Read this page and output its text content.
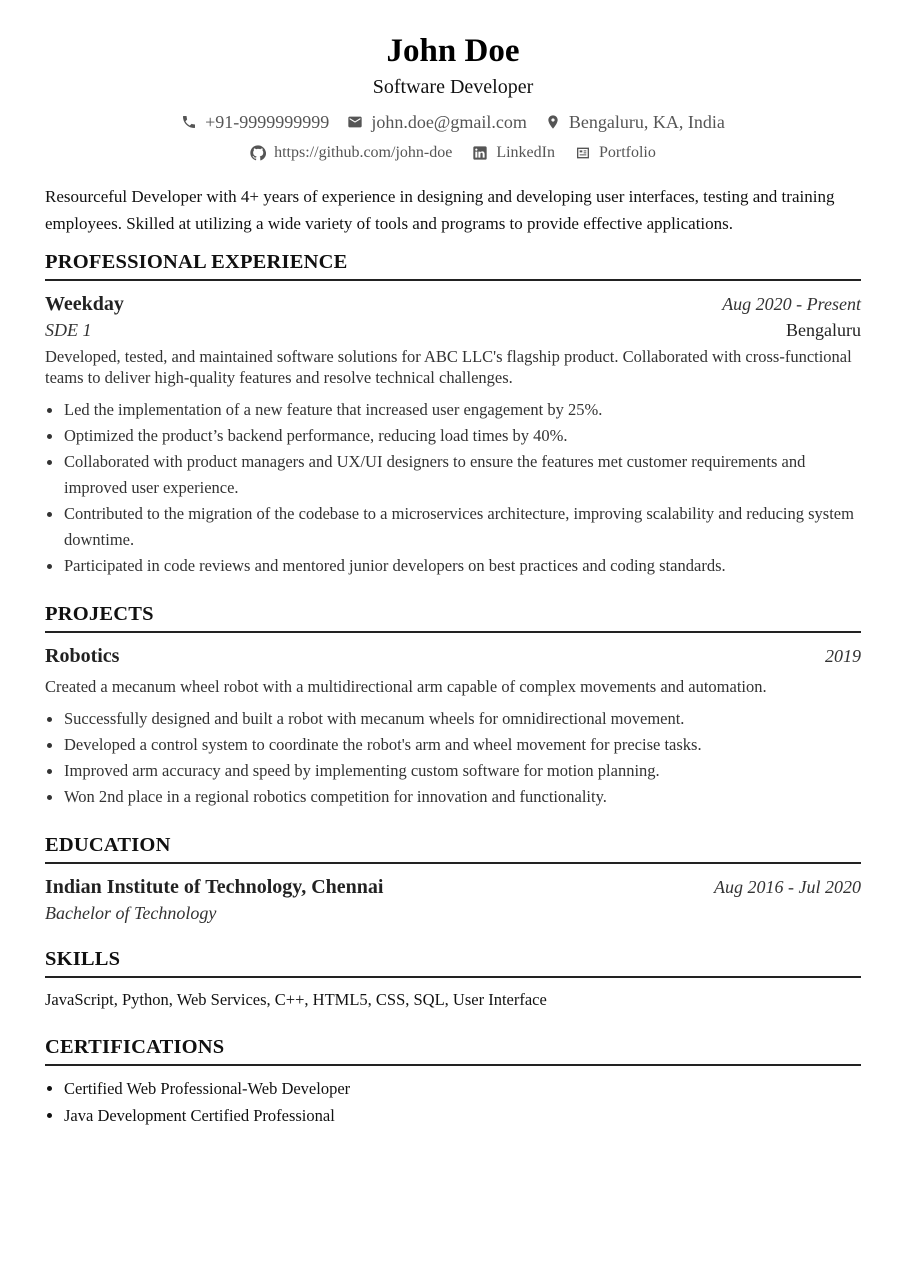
John Doe
Software Developer
+91-9999999999 john.doe@gmail.com Bengaluru, KA, India
https://github.com/john-doe	LinkedIn	Portfolio

Resourceful Developer with 4+ years of experience in designing and developing user interfaces, testing and training employees. Skilled at utilizing a wide variety of tools and programs to provide effective applications.

PROFESSIONAL EXPERIENCE
Weekday	Aug 2020 - Present
SDE 1	Bengaluru

Developed, tested, and maintained software solutions for ABC LLC's flagship product. Collaborated with cross-functional teams to deliver high-quality features and resolve technical challenges.

Led the implementation of a new feature that increased user engagement by 25%.
Optimized the product’s backend performance, reducing load times by 40%.
Collaborated with product managers and UX/UI designers to ensure the features met customer requirements and improved user experience.
Contributed to the migration of the codebase to a microservices architecture, improving scalability and reducing system downtime.
Participated in code reviews and mentored junior developers on best practices and coding standards.
PROJECTS
Robotics	2019

Created a mecanum wheel robot with a multidirectional arm capable of complex movements and automation.

Successfully designed and built a robot with mecanum wheels for omnidirectional movement.
Developed a control system to coordinate the robot's arm and wheel movement for precise tasks.
Improved arm accuracy and speed by implementing custom software for motion planning.
Won 2nd place in a regional robotics competition for innovation and functionality.
EDUCATION
Indian Institute of Technology, Chennai	Aug 2016 - Jul 2020
Bachelor of Technology
SKILLS

JavaScript, Python, Web Services, C++, HTML5, CSS, SQL, User Interface

CERTIFICATIONS
Certified Web Professional-Web Developer
Java Development Certified Professional
